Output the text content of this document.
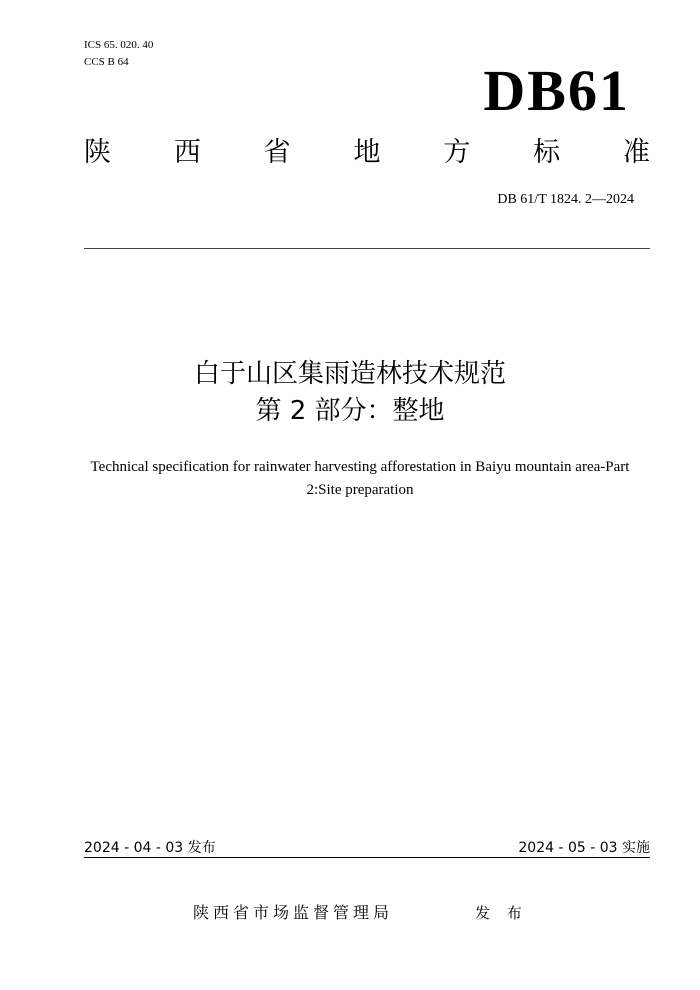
ICS 65. 020. 40
CCS B 64	DB61
陕 西 省 地 方 标 准
DB 61/T 1824. 2—2024
白于山区集雨造林技术规范
第 2 部分：整地
Technical specification for rainwater harvesting afforestation in Baiyu mountain area-Part 2:Site preparation
2024 - 04 - 03 发布	2024 - 05 - 03 实施
陕西省市场监督管理局	发 布
